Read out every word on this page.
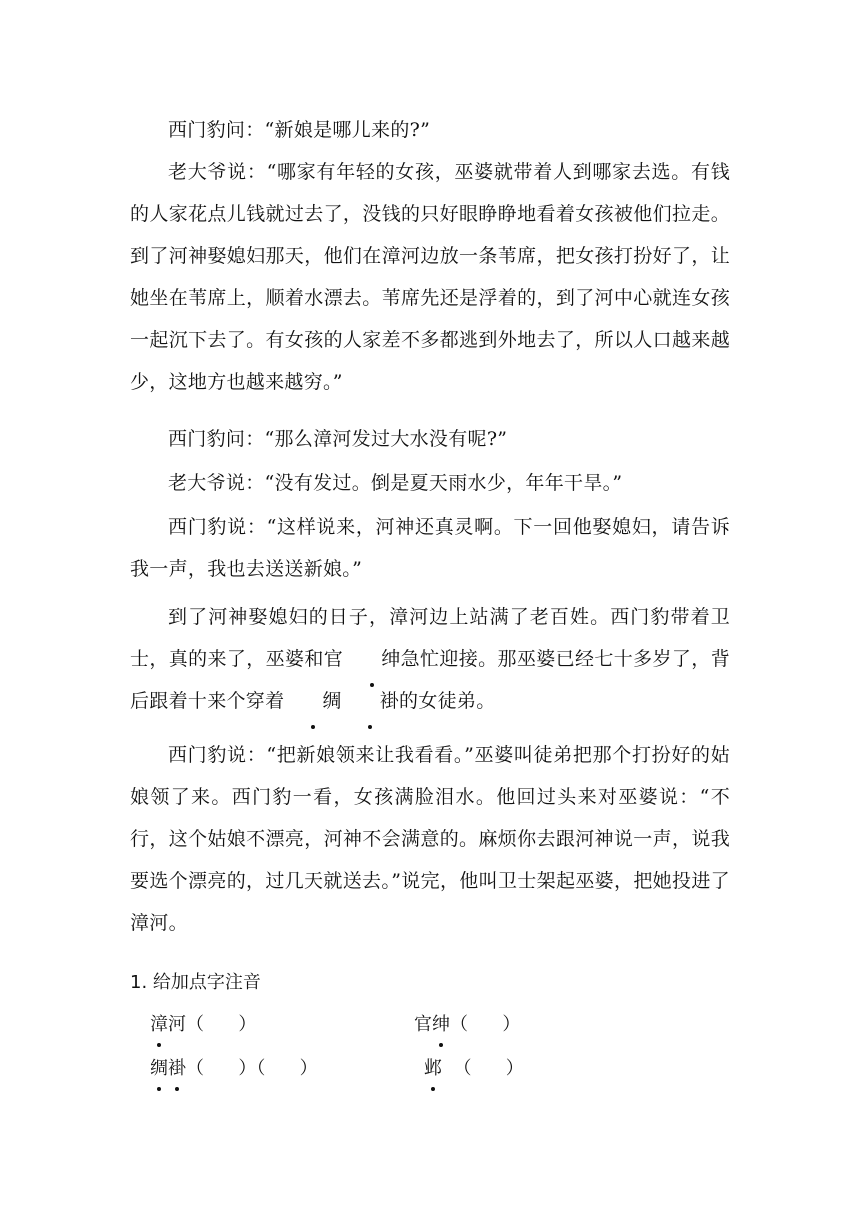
西门豹问：“新娘是哪儿来的?”

老大爷说：“哪家有年轻的女孩，巫婆就带着人到哪家去选。有钱的人家花点儿钱就过去了，没钱的只好眼睁睁地看着女孩被他们拉走。到了河神娶媳妇那天，他们在漳河边放一条苇席，把女孩打扮好了，让她坐在苇席上，顺着水漂去。苇席先还是浮着的，到了河中心就连女孩一起沉下去了。有女孩的人家差不多都逃到外地去了，所以人口越来越少，这地方也越来越穷。”

西门豹问：“那么漳河发过大水没有呢?”

老大爷说：“没有发过。倒是夏天雨水少，年年干旱。”

西门豹说：“这样说来，河神还真灵啊。下一回他娶媳妇，请告诉我一声，我也去送送新娘。”

到了河神娶媳妇的日子，漳河边上站满了老百姓。西门豹带着卫士，真的来了，巫婆和官 绅急忙迎接。那巫婆已经七十多岁了，背后跟着十来个穿着 绸 褂的女徒弟。

西门豹说：“把新娘领来让我看看。”巫婆叫徒弟把那个打扮好的姑娘领了来。西门豹一看，女孩满脸泪水。他回过头来对巫婆说：“不行，这个姑娘不漂亮，河神不会满意的。麻烦你去跟河神说一声，说我要选个漂亮的，过几天就送去。”说完，他叫卫士架起巫婆，把她投进了漳河。

1. 给加点字注音
漳河（      ）	官绅（      ）
绸褂（      ）（      ）	邺  （      ）
